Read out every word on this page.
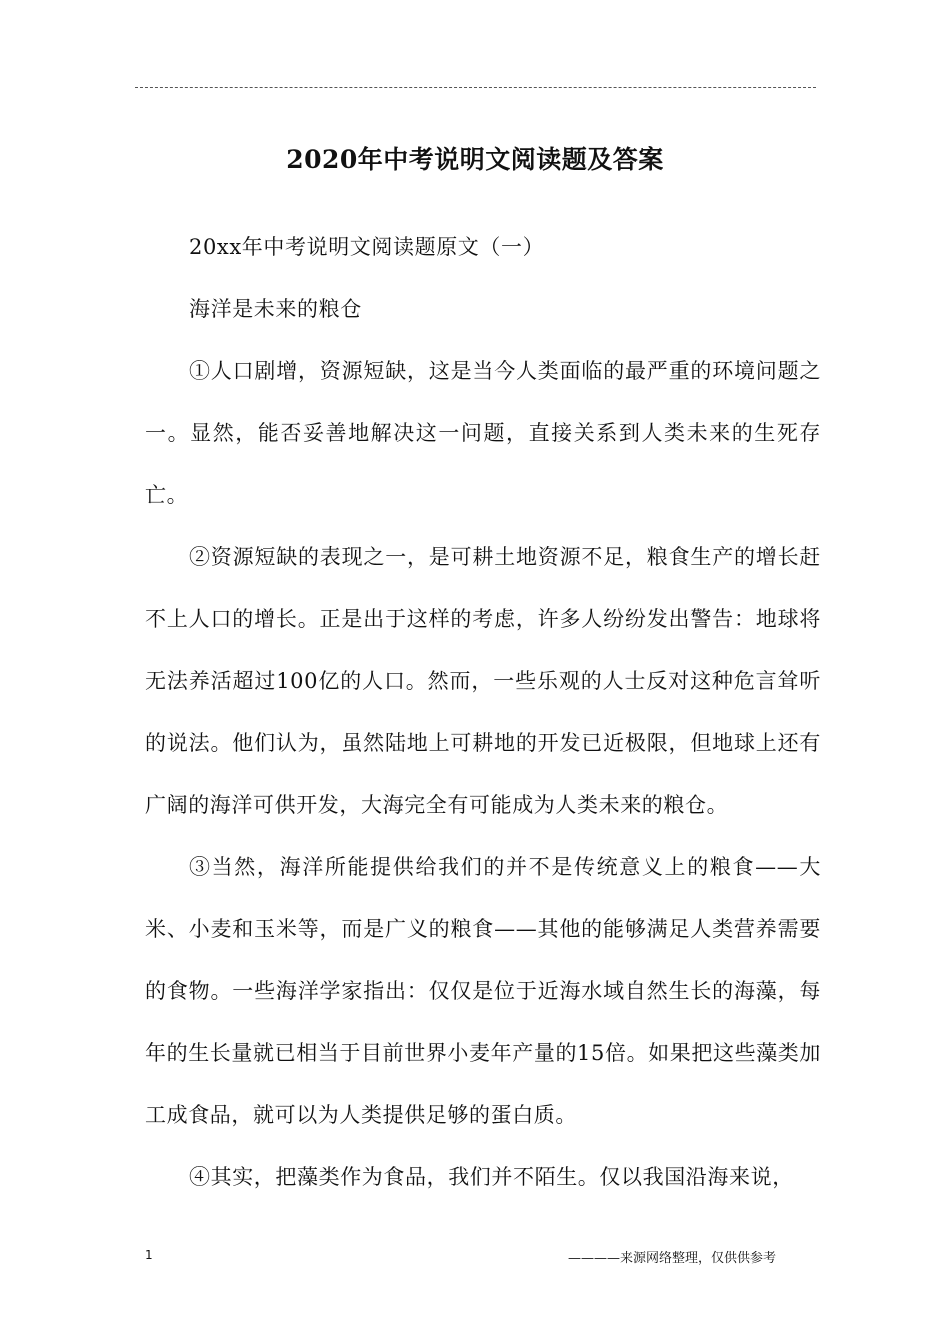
2020年中考说明文阅读题及答案

20xx年中考说明文阅读题原文（一）

海洋是未来的粮仓

①人口剧增，资源短缺，这是当今人类面临的最严重的环境问题之一。显然，能否妥善地解决这一问题，直接关系到人类未来的生死存亡。

②资源短缺的表现之一，是可耕土地资源不足，粮食生产的增长赶不上人口的增长。正是出于这样的考虑，许多人纷纷发出警告：地球将无法养活超过100亿的人口。然而，一些乐观的人士反对这种危言耸听的说法。他们认为，虽然陆地上可耕地的开发已近极限，但地球上还有广阔的海洋可供开发，大海完全有可能成为人类未来的粮仓。

③当然，海洋所能提供给我们的并不是传统意义上的粮食——大米、小麦和玉米等，而是广义的粮食——其他的能够满足人类营养需要的食物。一些海洋学家指出：仅仅是位于近海水域自然生长的海藻，每年的生长量就已相当于目前世界小麦年产量的15倍。如果把这些藻类加工成食品，就可以为人类提供足够的蛋白质。

④其实，把藻类作为食品，我们并不陌生。仅以我国沿海来说，

1	————来源网络整理，仅供供参考
